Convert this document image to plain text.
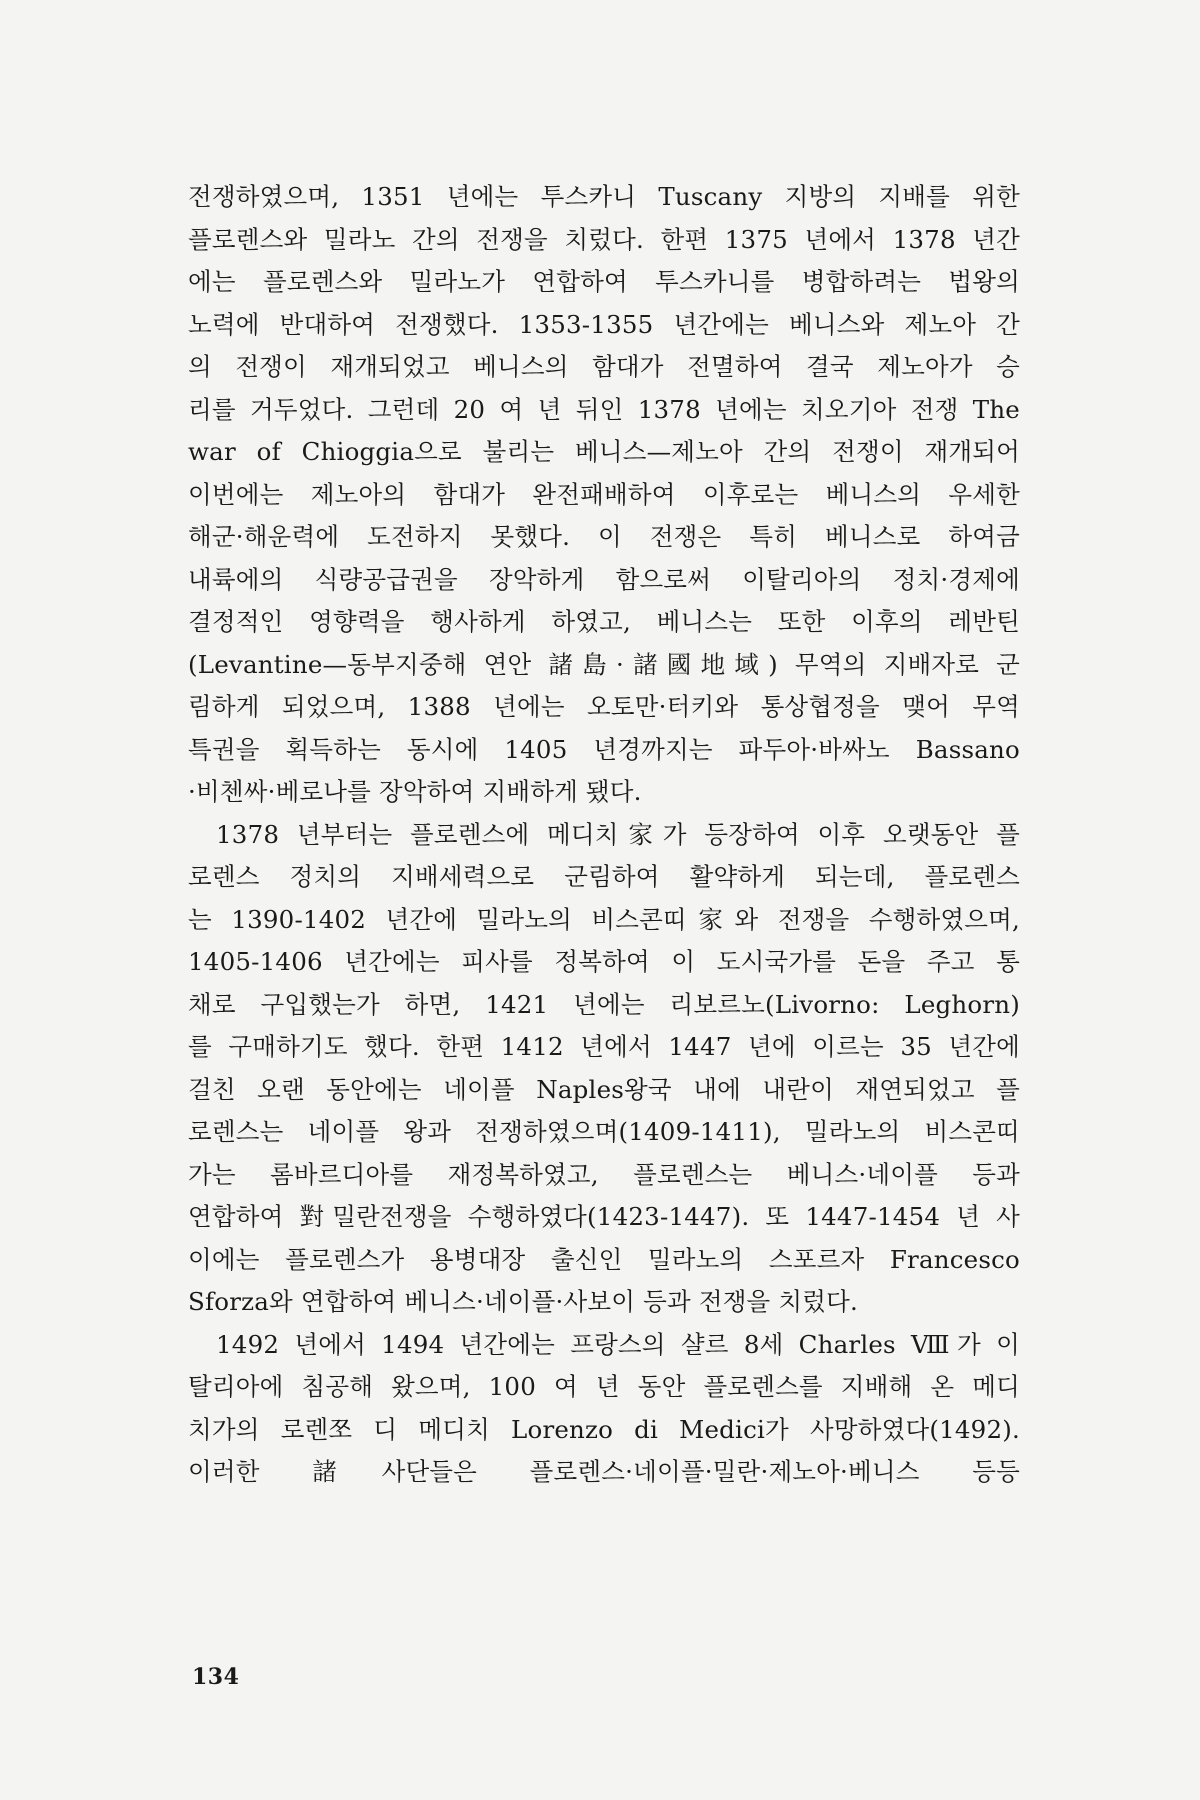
전쟁하였으며, 1351 년에는 투스카니 Tuscany 지방의 지배를 위한
플로렌스와 밀라노 간의 전쟁을 치렀다. 한편 1375 년에서 1378 년간
에는 플로렌스와 밀라노가 연합하여 투스카니를 병합하려는 법왕의
노력에 반대하여 전쟁했다. 1353-1355 년간에는 베니스와 제노아 간
의 전쟁이 재개되었고 베니스의 함대가 전멸하여 결국 제노아가 승
리를 거두었다. 그런데 20 여 년 뒤인 1378 년에는 치오기아 전쟁 The
war of Chioggia으로 불리는 베니스—제노아 간의 전쟁이 재개되어
이번에는 제노아의 함대가 완전패배하여 이후로는 베니스의 우세한
해군·해운력에 도전하지 못했다. 이 전쟁은 특히 베니스로 하여금
내륙에의 식량공급권을 장악하게 함으로써 이탈리아의 정치·경제에
결정적인 영향력을 행사하게 하였고, 베니스는 또한 이후의 레반틴
(Levantine—동부지중해 연안 諸島·諸國地域) 무역의 지배자로 군
림하게 되었으며, 1388 년에는 오토만·터키와 통상협정을 맺어 무역
특권을 획득하는 동시에 1405 년경까지는 파두아·바싸노 Bassano
·비첸싸·베로나를 장악하여 지배하게 됐다.
1378 년부터는 플로렌스에 메디치家가 등장하여 이후 오랫동안 플
로렌스 정치의 지배세력으로 군림하여 활약하게 되는데, 플로렌스
는 1390-1402 년간에 밀라노의 비스콘띠家와 전쟁을 수행하였으며,
1405-1406 년간에는 피사를 정복하여 이 도시국가를 돈을 주고 통
채로 구입했는가 하면, 1421 년에는 리보르노(Livorno: Leghorn)
를 구매하기도 했다. 한편 1412 년에서 1447 년에 이르는 35 년간에
걸친 오랜 동안에는 네이플 Naples왕국 내에 내란이 재연되었고 플
로렌스는 네이플 왕과 전쟁하였으며(1409-1411), 밀라노의 비스콘띠
가는 롬바르디아를 재정복하였고, 플로렌스는 베니스·네이플 등과
연합하여 對밀란전쟁을 수행하였다(1423-1447). 또 1447-1454 년 사
이에는 플로렌스가 용병대장 출신인 밀라노의 스포르자 Francesco
Sforza와 연합하여 베니스·네이플·사보이 등과 전쟁을 치렀다.
1492 년에서 1494 년간에는 프랑스의 샬르 8세 Charles Ⅷ가 이
탈리아에 침공해 왔으며, 100 여 년 동안 플로렌스를 지배해 온 메디
치가의 로렌쪼 디 메디치 Lorenzo di Medici가 사망하였다(1492).
이러한 諸사단들은 플로렌스·네이플·밀란·제노아·베니스 등등
134
